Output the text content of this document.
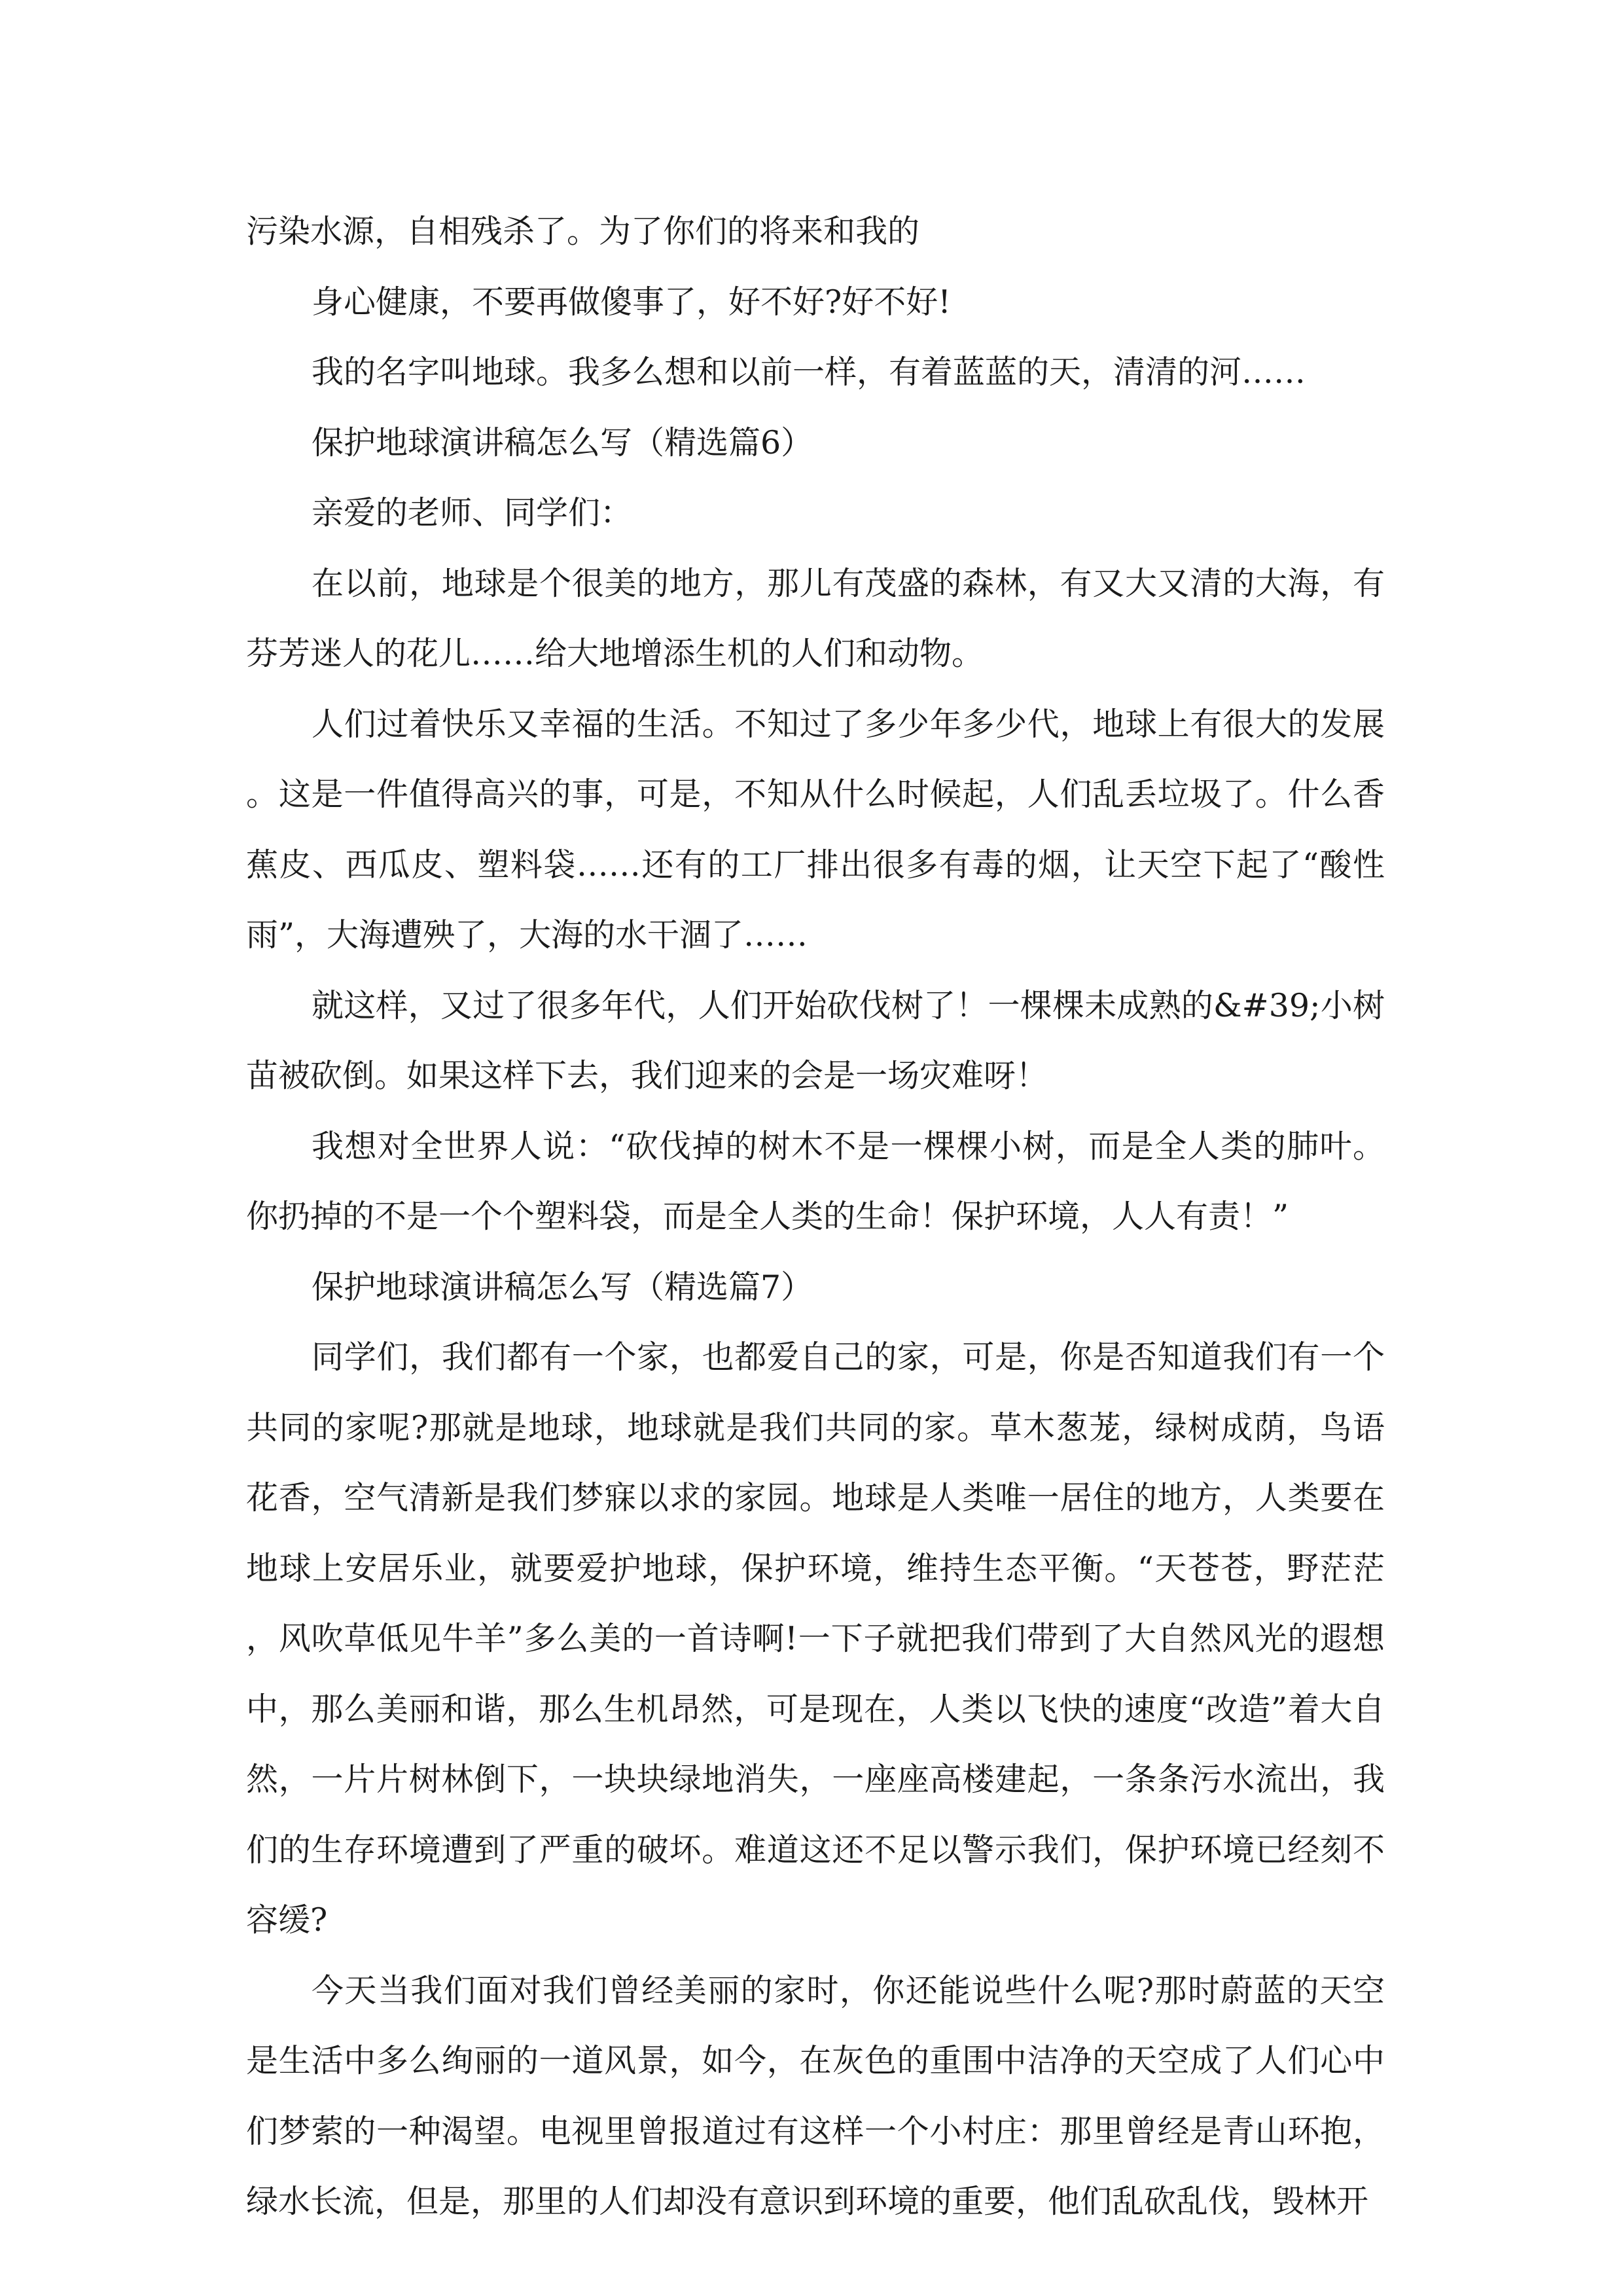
污染水源，自相残杀了。为了你们的将来和我的

身心健康，不要再做傻事了，好不好?好不好!

我的名字叫地球。我多么想和以前一样，有着蓝蓝的天，清清的河……

保护地球演讲稿怎么写（精选篇6）

亲爱的老师、同学们：

在以前，地球是个很美的地方，那儿有茂盛的森林，有又大又清的大海，有芬芳迷人的花儿……给大地增添生机的人们和动物。

人们过着快乐又幸福的生活。不知过了多少年多少代，地球上有很大的发展。这是一件值得高兴的事，可是，不知从什么时候起，人们乱丢垃圾了。什么香蕉皮、西瓜皮、塑料袋……还有的工厂排出很多有毒的烟，让天空下起了“酸性雨”，大海遭殃了，大海的水干涸了……

就这样，又过了很多年代，人们开始砍伐树了！一棵棵未成熟的&#39;小树苗被砍倒。如果这样下去，我们迎来的会是一场灾难呀！

我想对全世界人说：“砍伐掉的树木不是一棵棵小树，而是全人类的肺叶。你扔掉的不是一个个塑料袋，而是全人类的生命！保护环境，人人有责！”

保护地球演讲稿怎么写（精选篇7）

同学们，我们都有一个家，也都爱自己的家，可是，你是否知道我们有一个共同的家呢?那就是地球，地球就是我们共同的家。草木葱茏，绿树成荫，鸟语花香，空气清新是我们梦寐以求的家园。地球是人类唯一居住的地方，人类要在地球上安居乐业，就要爱护地球，保护环境，维持生态平衡。“天苍苍，野茫茫，风吹草低见牛羊”多么美的一首诗啊!一下子就把我们带到了大自然风光的遐想中，那么美丽和谐，那么生机昂然，可是现在，人类以飞快的速度“改造”着大自然，一片片树林倒下，一块块绿地消失，一座座高楼建起，一条条污水流出，我们的生存环境遭到了严重的破坏。难道这还不足以警示我们，保护环境已经刻不容缓?

今天当我们面对我们曾经美丽的家时，你还能说些什么呢?那时蔚蓝的天空是生活中多么绚丽的一道风景，如今，在灰色的重围中洁净的天空成了人们心中们梦萦的一种渴望。电视里曾报道过有这样一个小村庄：那里曾经是青山环抱，绿水长流，但是，那里的人们却没有意识到环境的重要，他们乱砍乱伐，毁林开
